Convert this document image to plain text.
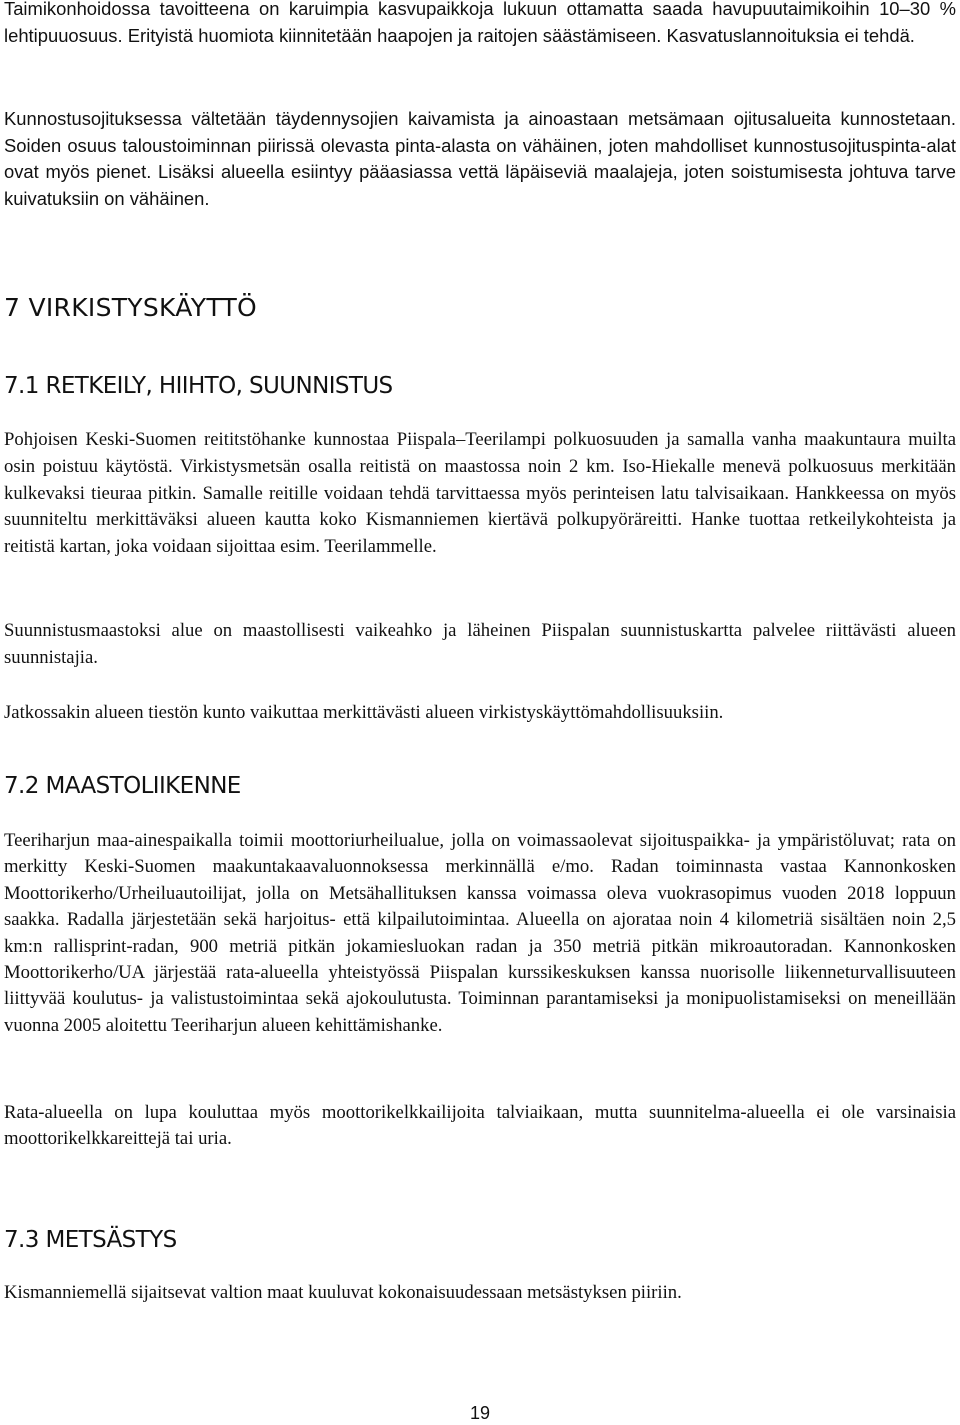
Taimikonhoidossa tavoitteena on karuimpia kasvupaikkoja lukuun ottamatta saada havupuutaimikoihin 10–30 % lehtipuuosuus. Erityistä huomiota kiinnitetään haapojen ja raitojen säästämiseen. Kasvatuslannoituksia ei tehdä.

Kunnostusojituksessa vältetään täydennysojien kaivamista ja ainoastaan metsämaan ojitusalueita kunnostetaan. Soiden osuus taloustoiminnan piirissä olevasta pinta-alasta on vähäinen, joten mahdolliset kunnostusojituspinta-alat ovat myös pienet. Lisäksi alueella esiintyy pääasiassa vettä läpäiseviä maalajeja, joten soistumisesta johtuva tarve kuivatuksiin on vähäinen.

7 VIRKISTYSKÄYTTÖ
7.1 RETKEILY, HIIHTO, SUUNNISTUS

Pohjoisen Keski-Suomen reititstöhanke kunnostaa Piispala–Teerilampi polkuosuuden ja samalla vanha maakuntaura muilta osin poistuu käytöstä. Virkistysmetsän osalla reitistä on maastossa noin 2 km. Iso-Hiekalle menevä polkuosuus merkitään kulkevaksi tieuraa pitkin. Samalle reitille voidaan tehdä tarvittaessa myös perinteisen latu talvisaikaan. Hankkeessa on myös suunniteltu merkittäväksi alueen kautta koko Kismanniemen kiertävä polkupyöräreitti. Hanke tuottaa retkeilykohteista ja reitistä kartan, joka voidaan sijoittaa esim. Teerilammelle.

Suunnistusmaastoksi alue on maastollisesti vaikeahko ja läheinen Piispalan suunnistuskartta palvelee riittävästi alueen suunnistajia.

Jatkossakin alueen tiestön kunto vaikuttaa merkittävästi alueen virkistyskäyttömahdollisuuksiin.

7.2 MAASTOLIIKENNE

Teeriharjun maa-ainespaikalla toimii moottoriurheilualue, jolla on voimassaolevat sijoituspaikka- ja ympäristöluvat; rata on merkitty Keski-Suomen maakuntakaavaluonnoksessa merkinnällä e/mo. Radan toiminnasta vastaa Kannonkosken Moottorikerho/Urheiluautoilijat, jolla on Metsähallituksen kanssa voimassa oleva vuokrasopimus vuoden 2018 loppuun saakka. Radalla järjestetään sekä harjoitus- että kilpailutoimintaa. Alueella on ajorataa noin 4 kilometriä sisältäen noin 2,5 km:n rallisprint-radan, 900 metriä pitkän jokamiesluokan radan ja 350 metriä pitkän mikroautoradan. Kannonkosken Moottorikerho/UA järjestää rata-alueella yhteistyössä Piispalan kurssikeskuksen kanssa nuorisolle liikenneturvallisuuteen liittyvää koulutus- ja valistustoimintaa sekä ajokoulutusta. Toiminnan parantamiseksi ja monipuolistamiseksi on meneillään vuonna 2005 aloitettu Teeriharjun alueen kehittämishanke.

Rata-alueella on lupa kouluttaa myös moottorikelkkailijoita talviaikaan, mutta suunnitelma-alueella ei ole varsinaisia moottorikelkkareittejä tai uria.

7.3 METSÄSTYS

Kismanniemellä sijaitsevat valtion maat kuuluvat kokonaisuudessaan metsästyksen piiriin.

19
